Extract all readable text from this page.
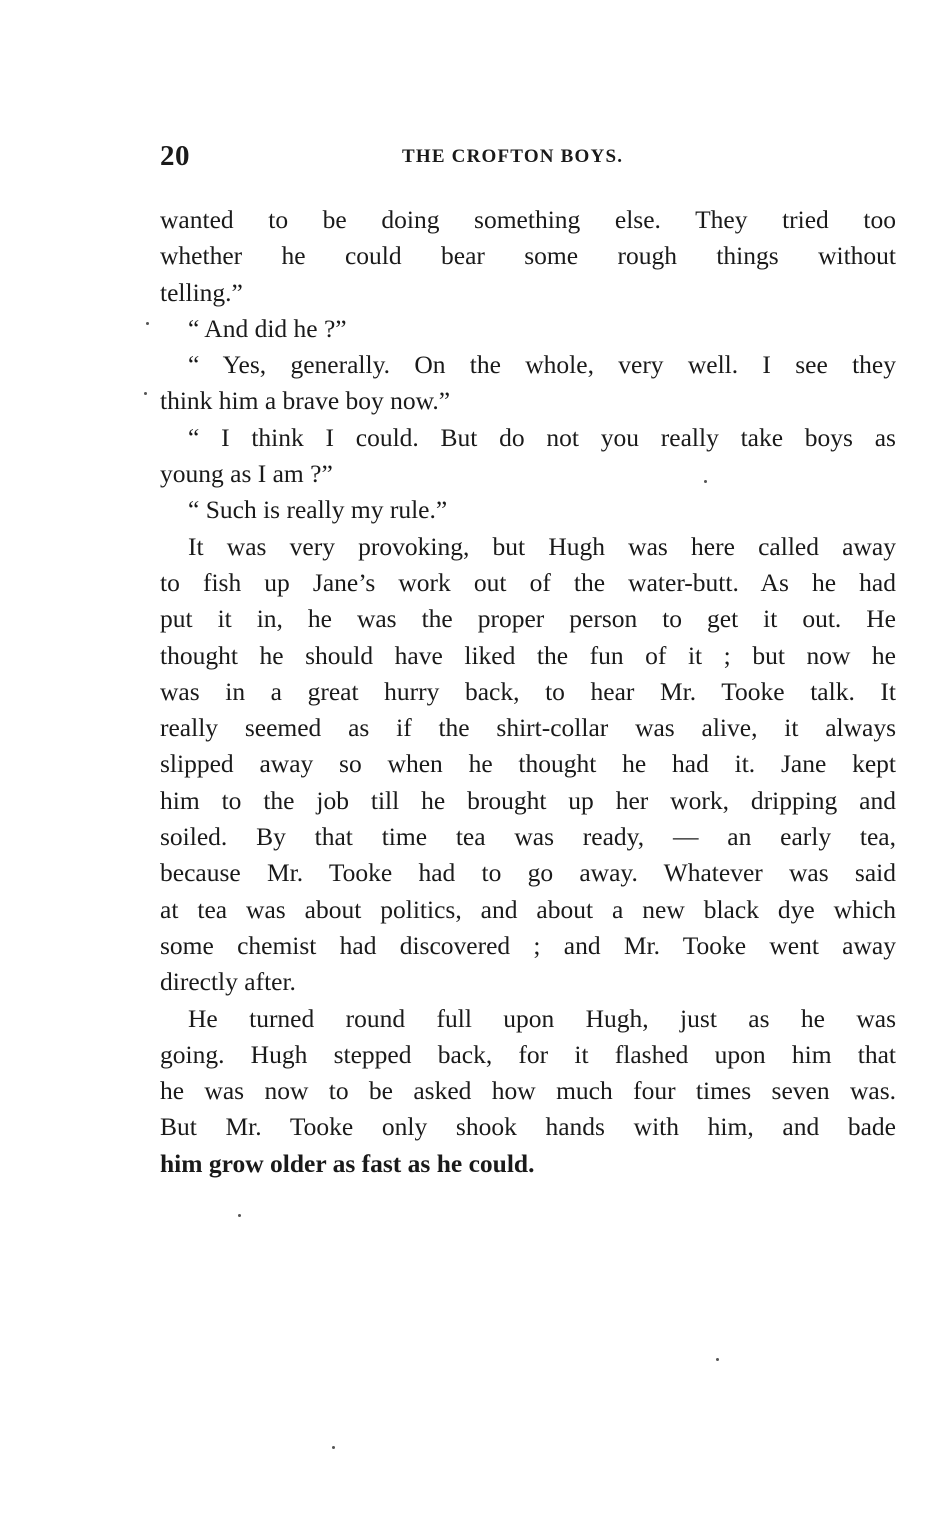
20	THE CROFTON BOYS.
wanted to be doing something else. They tried too
whether he could bear some rough things without
telling.”
“ And did he ?”
“ Yes, generally. On the whole, very well. I see they
think him a brave boy now.”
“ I think I could. But do not you really take boys as
young as I am ?”
“ Such is really my rule.”
It was very provoking, but Hugh was here called away
to fish up Jane’s work out of the water-butt. As he had
put it in, he was the proper person to get it out. He
thought he should have liked the fun of it ; but now he
was in a great hurry back, to hear Mr. Tooke talk. It
really seemed as if the shirt-collar was alive, it always
slipped away so when he thought he had it. Jane kept
him to the job till he brought up her work, dripping and
soiled. By that time tea was ready, — an early tea,
because Mr. Tooke had to go away. Whatever was said
at tea was about politics, and about a new black dye which
some chemist had discovered ; and Mr. Tooke went away
directly after.
He turned round full upon Hugh, just as he was
going. Hugh stepped back, for it flashed upon him that
he was now to be asked how much four times seven was.
But Mr. Tooke only shook hands with him, and bade
him grow older as fast as he could.
